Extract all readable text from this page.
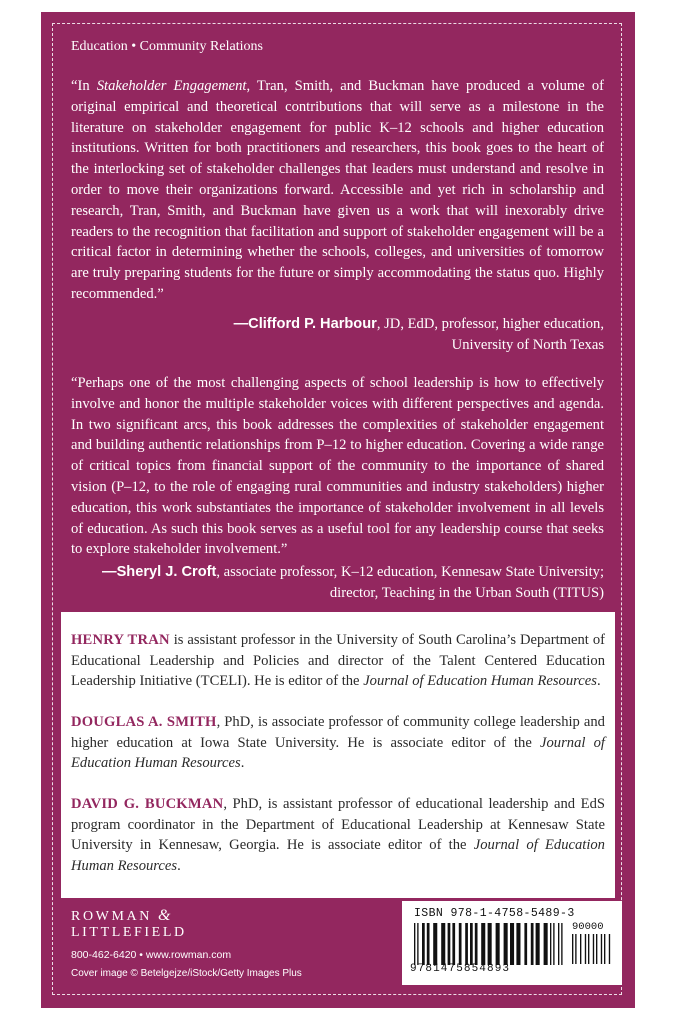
Education • Community Relations

“In Stakeholder Engagement, Tran, Smith, and Buckman have produced a volume of original empirical and theoretical contributions that will serve as a milestone in the literature on stakeholder engagement for public K–12 schools and higher education institutions. Written for both practitioners and researchers, this book goes to the heart of the interlocking set of stakeholder challenges that leaders must understand and resolve in order to move their organizations forward. Accessible and yet rich in scholarship and research, Tran, Smith, and Buckman have given us a work that will inexorably drive readers to the recognition that facilitation and support of stakeholder engagement will be a critical factor in determining whether the schools, colleges, and universities of tomorrow are truly preparing students for the future or simply accommodating the status quo. Highly recommended.”

—Clifford P. Harbour, JD, EdD, professor, higher education,
University of North Texas

“Perhaps one of the most challenging aspects of school leadership is how to effectively involve and honor the multiple stakeholder voices with different perspectives and agenda. In two significant arcs, this book addresses the complexities of stakeholder engagement and building authentic relationships from P–12 to higher education. Covering a wide range of critical topics from financial support of the community to the importance of shared vision (P–12, to the role of engaging rural communities and industry stakeholders) higher education, this work substantiates the importance of stakeholder involvement in all levels of education. As such this book serves as a useful tool for any leadership course that seeks to explore stakeholder involvement.”

—Sheryl J. Croft, associate professor, K–12 education, Kennesaw State University;
director, Teaching in the Urban South (TITUS)

HENRY TRAN is assistant professor in the University of South Carolina’s Department of Educational Leadership and Policies and director of the Talent Centered Education Leadership Initiative (TCELI). He is editor of the Journal of Education Human Resources.

DOUGLAS A. SMITH, PhD, is associate professor of community college leadership and higher education at Iowa State University. He is associate editor of the Journal of Education Human Resources.

DAVID G. BUCKMAN, PhD, is assistant professor of educational leadership and EdS program coordinator in the Department of Educational Leadership at Kennesaw State University in Kennesaw, Georgia. He is associate editor of the Journal of Education Human Resources.

ROWMAN &
LITTLEFIELD
800-462-6420 • www.rowman.com
Cover image © Betelgejze/iStock/Getty Images Plus
ISBN 978-1-4758-5489-3
90000
9781475854893
